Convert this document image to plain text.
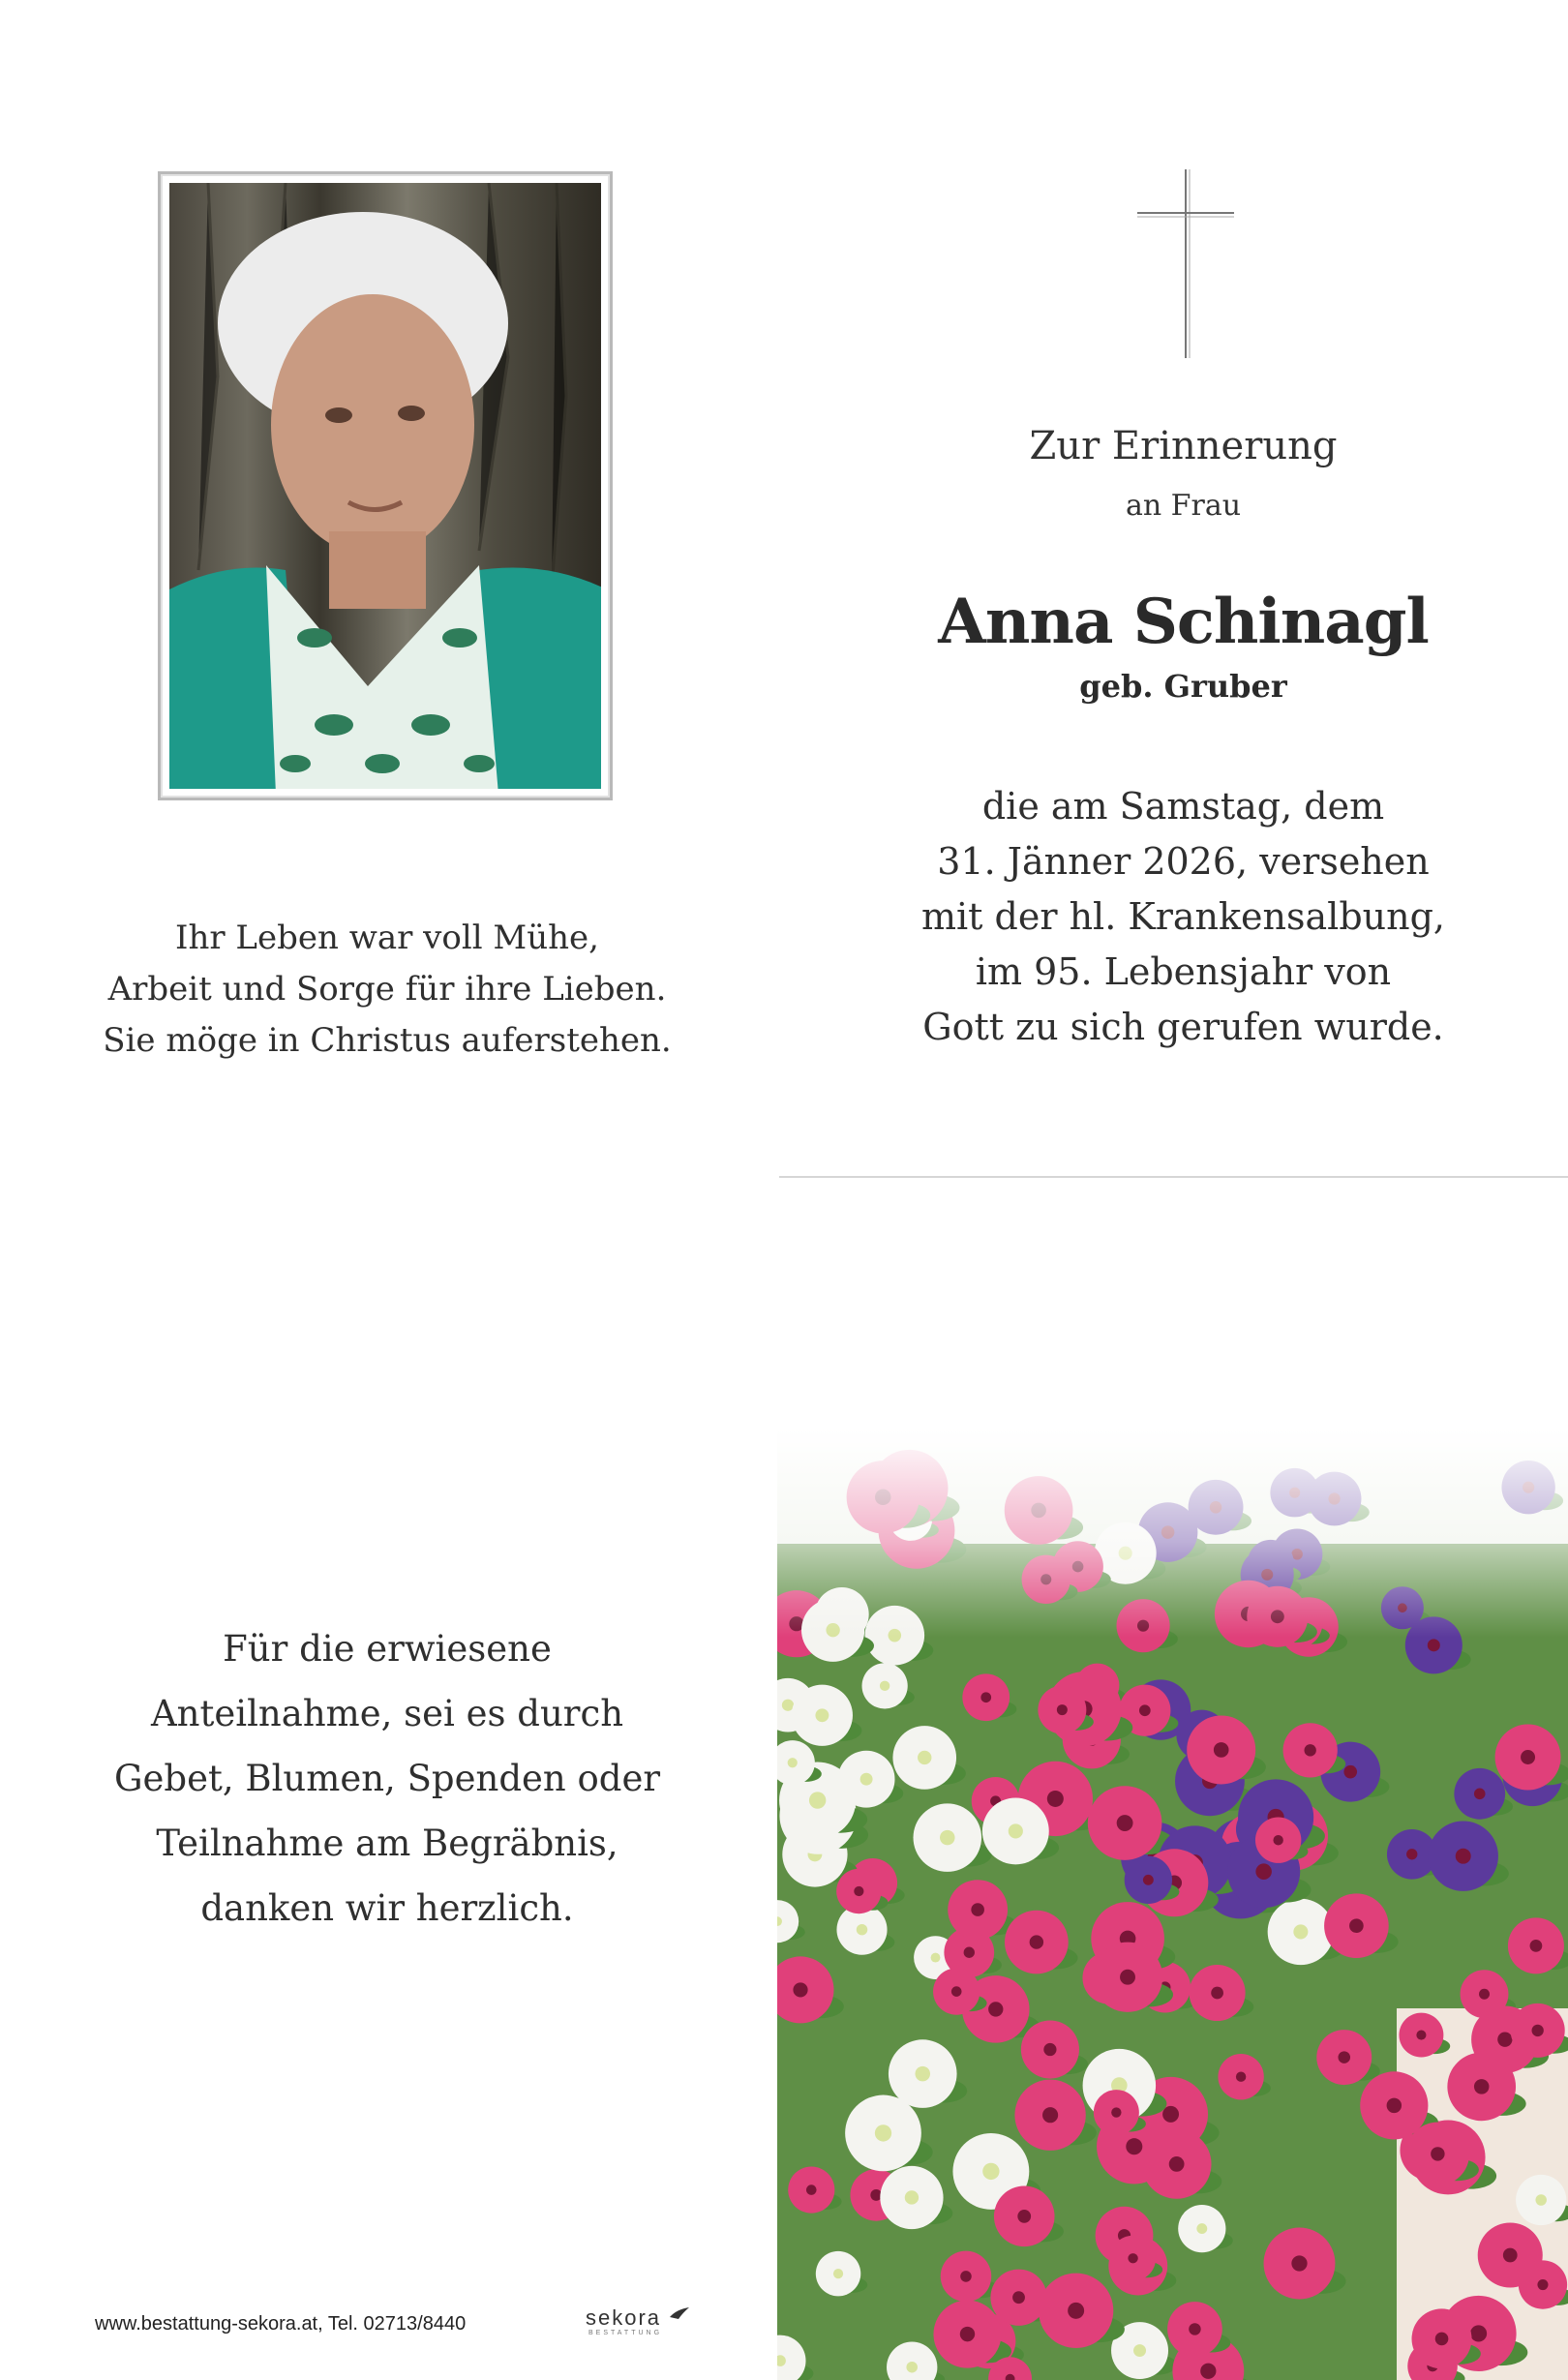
Zur Erinnerung
an Frau
Anna Schinagl
geb. Gruber
die am Samstag, dem
31. Jänner 2026, versehen
mit der hl. Krankensalbung,
im 95. Lebensjahr von
Gott zu sich gerufen wurde.
Ihr Leben war voll Mühe,
Arbeit und Sorge für ihre Lieben.
Sie möge in Christus auferstehen.
Für die erwiesene
Anteilnahme, sei es durch
Gebet, Blumen, Spenden oder
Teilnahme am Begräbnis,
danken wir herzlich.
www.bestattung-sekora.at, Tel. 02713/8440	sekora
BESTATTUNG
